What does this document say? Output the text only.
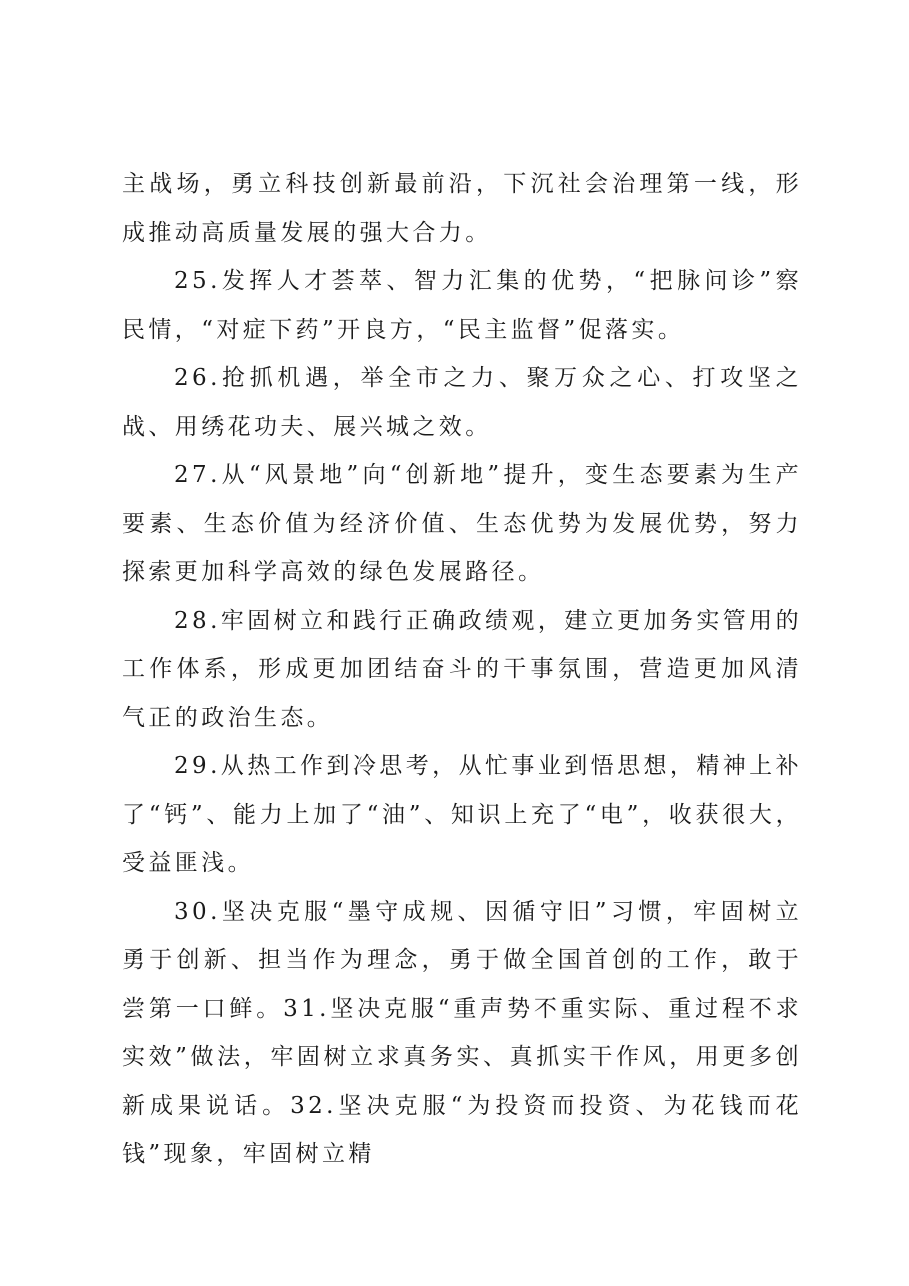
主战场，勇立科技创新最前沿，下沉社会治理第一线，形成推动高质量发展的强大合力。

25.发挥人才荟萃、智力汇集的优势，“把脉问诊”察民情，“对症下药”开良方，“民主监督”促落实。

26.抢抓机遇，举全市之力、聚万众之心、打攻坚之战、用绣花功夫、展兴城之效。

27.从“风景地”向“创新地”提升，变生态要素为生产要素、生态价值为经济价值、生态优势为发展优势，努力探索更加科学高效的绿色发展路径。

28.牢固树立和践行正确政绩观，建立更加务实管用的工作体系，形成更加团结奋斗的干事氛围，营造更加风清气正的政治生态。

29.从热工作到冷思考，从忙事业到悟思想，精神上补了“钙”、能力上加了“油”、知识上充了“电”，收获很大，受益匪浅。

30.坚决克服“墨守成规、因循守旧”习惯，牢固树立勇于创新、担当作为理念，勇于做全国首创的工作，敢于尝第一口鲜。31.坚决克服“重声势不重实际、重过程不求实效”做法，牢固树立求真务实、真抓实干作风，用更多创新成果说话。32.坚决克服“为投资而投资、为花钱而花钱”现象，牢固树立精
